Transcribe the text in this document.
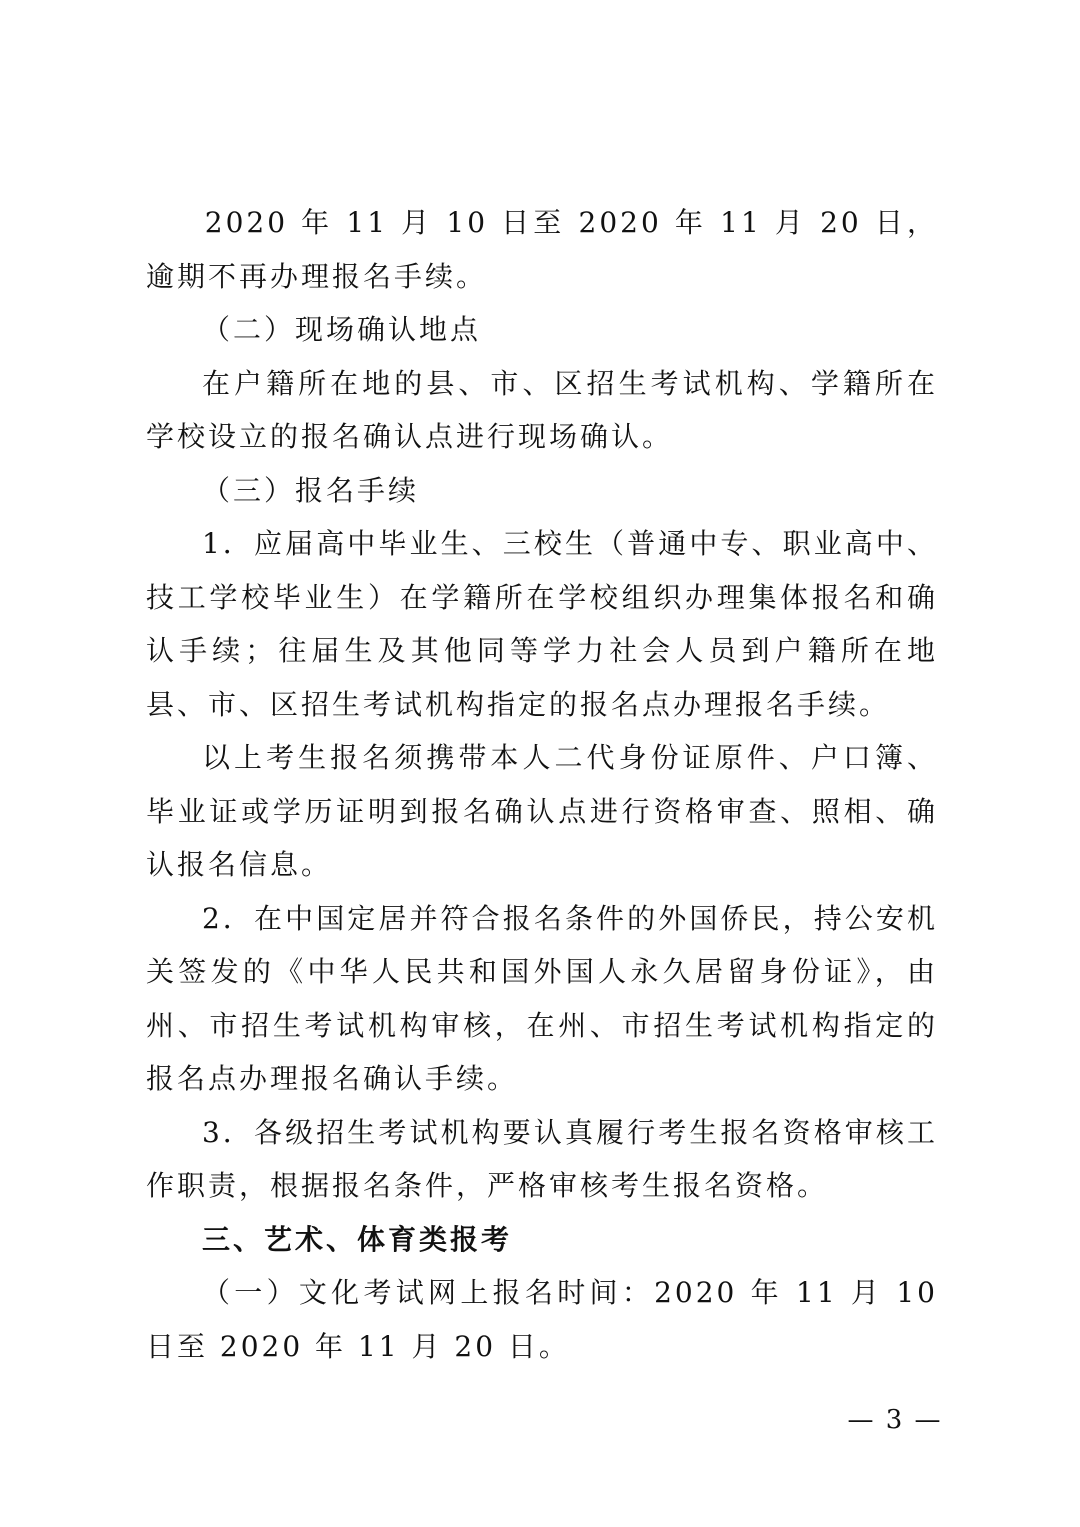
2020 年 11 月 10 日至 2020 年 11 月 20 日，逾期不再办理报名手续。

（二）现场确认地点

在户籍所在地的县、市、区招生考试机构、学籍所在学校设立的报名确认点进行现场确认。

（三）报名手续

1．应届高中毕业生、三校生（普通中专、职业高中、技工学校毕业生）在学籍所在学校组织办理集体报名和确认手续；往届生及其他同等学力社会人员到户籍所在地县、市、区招生考试机构指定的报名点办理报名手续。

以上考生报名须携带本人二代身份证原件、户口簿、毕业证或学历证明到报名确认点进行资格审查、照相、确认报名信息。

2．在中国定居并符合报名条件的外国侨民，持公安机关签发的《中华人民共和国外国人永久居留身份证》，由州、市招生考试机构审核，在州、市招生考试机构指定的报名点办理报名确认手续。

3．各级招生考试机构要认真履行考生报名资格审核工作职责，根据报名条件，严格审核考生报名资格。

三、艺术、体育类报考

（一）文化考试网上报名时间：2020 年 11 月 10 日至 2020 年 11 月 20 日。

— 3 —
